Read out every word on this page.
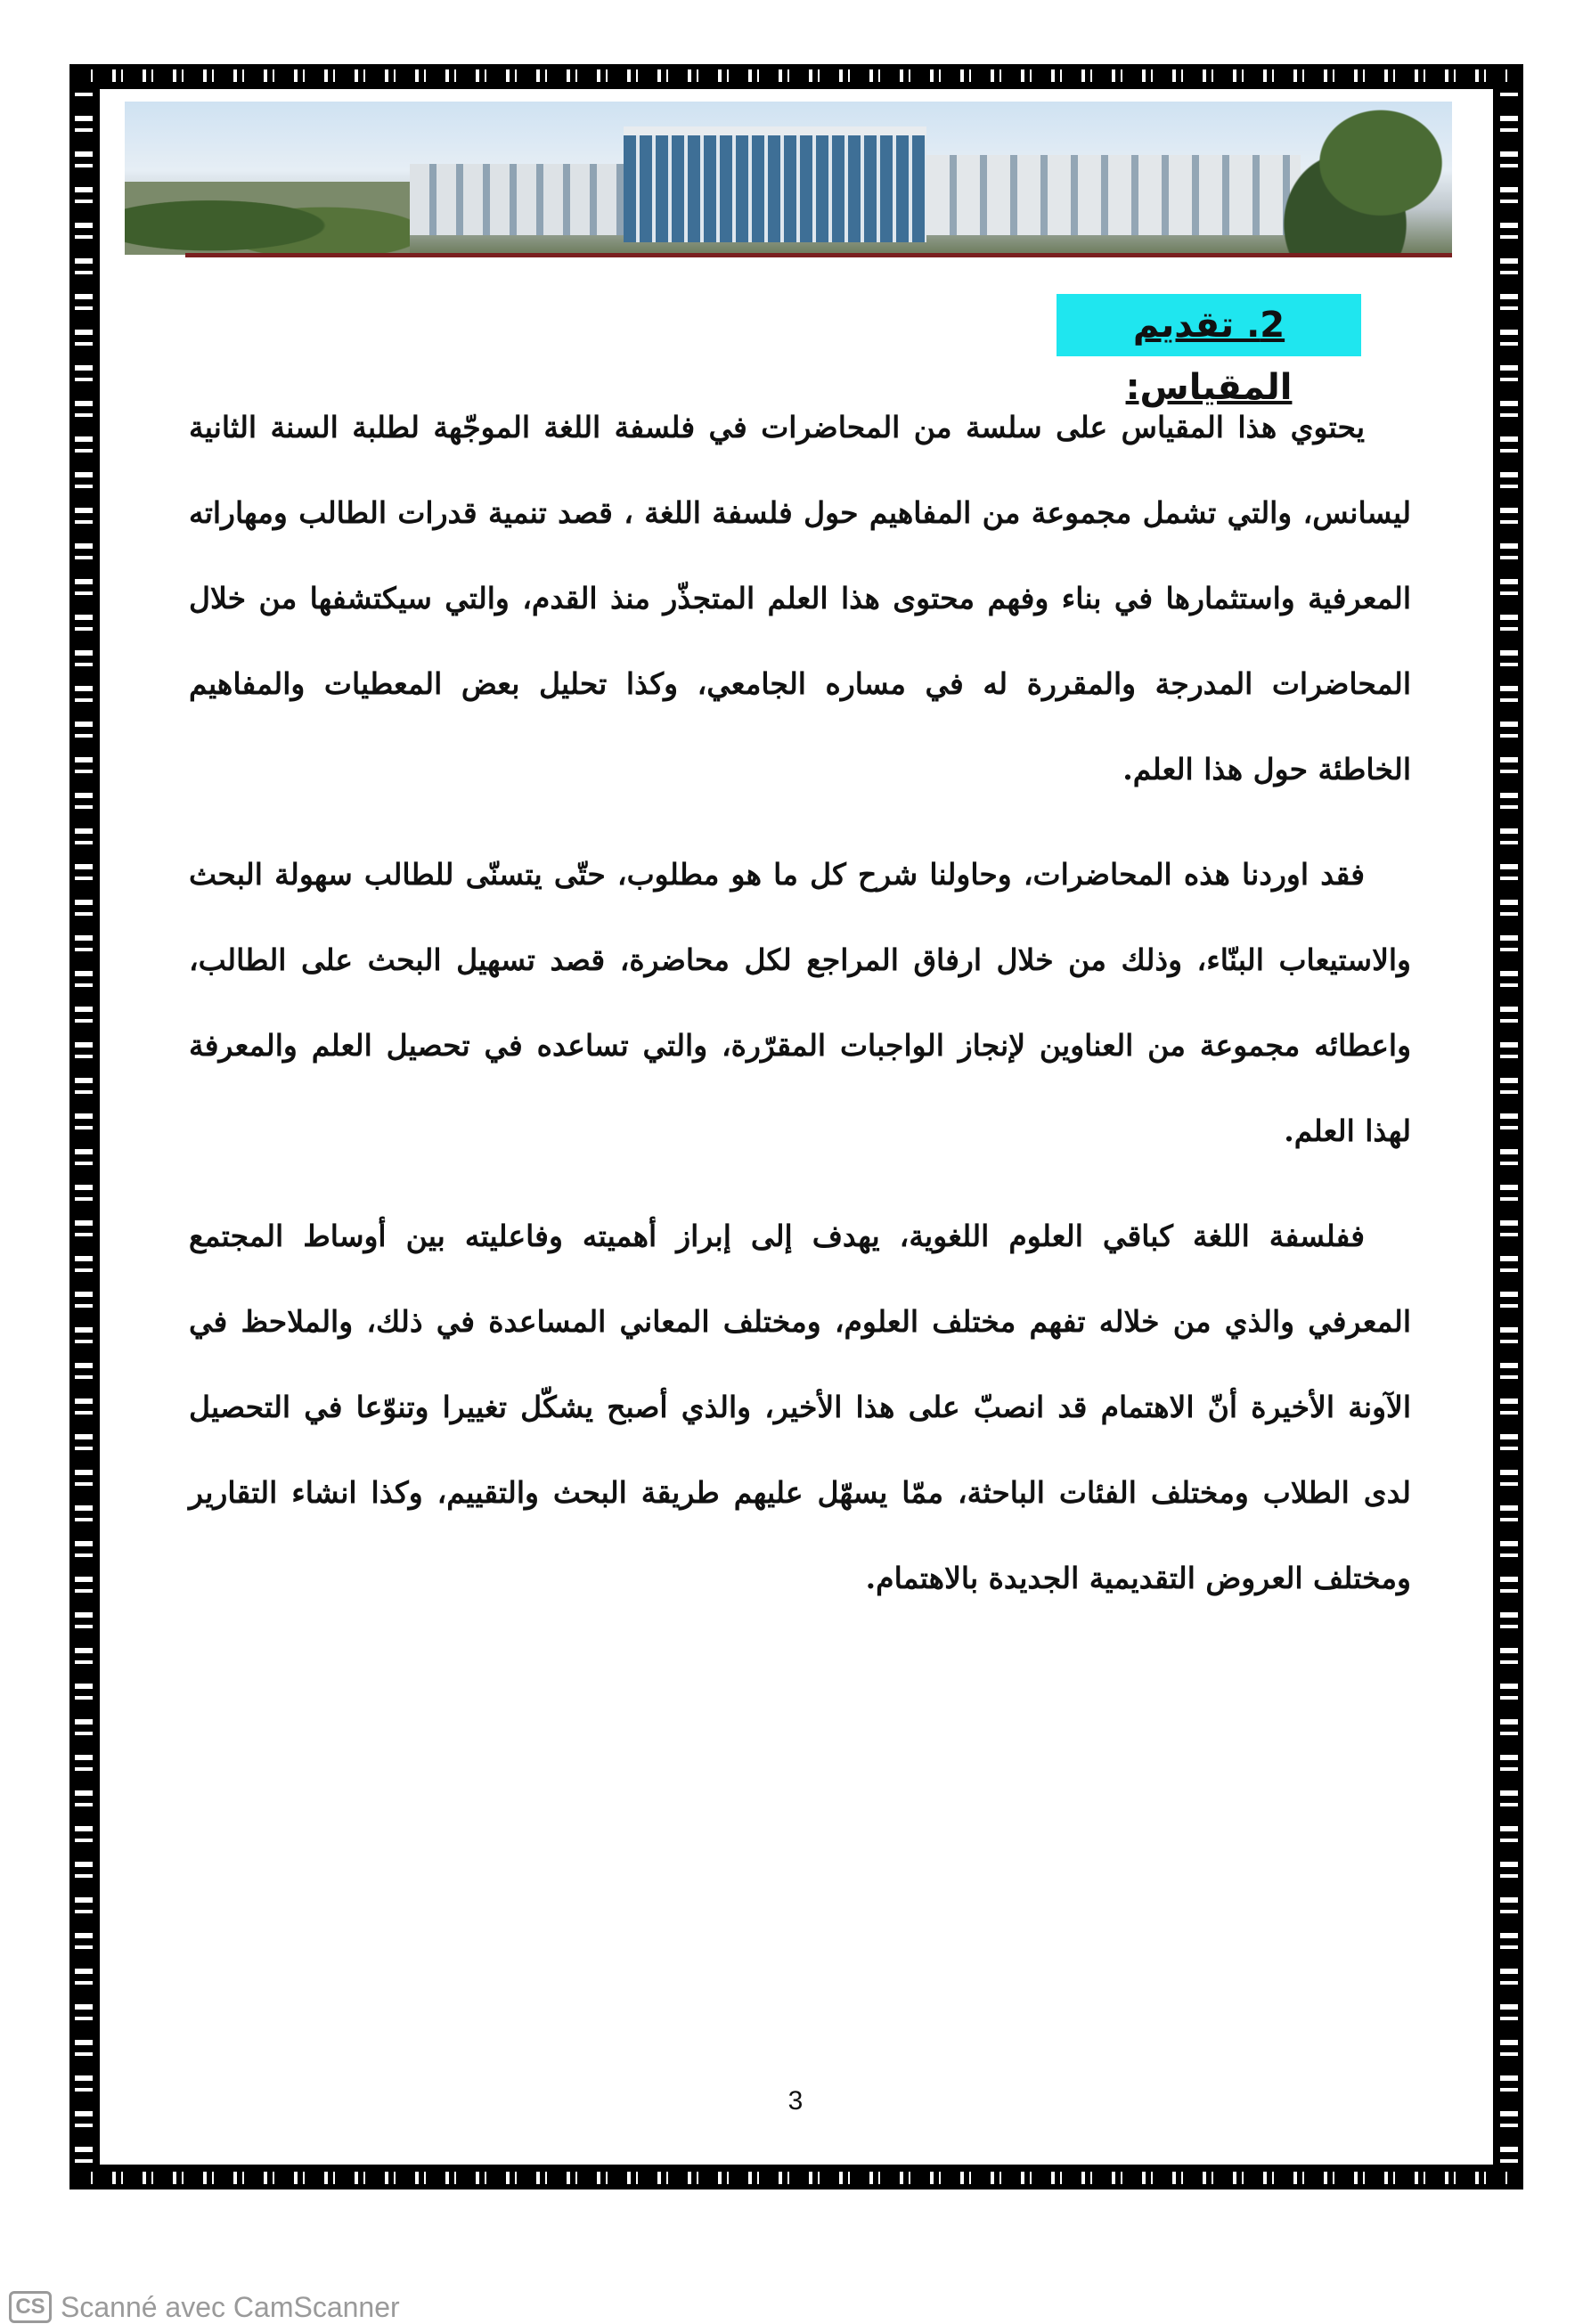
2. تقديم المقياس:

يحتوي هذا المقياس على سلسة من المحاضرات في فلسفة اللغة الموجّهة لطلبة السنة الثانية ليسانس، والتي تشمل مجموعة من المفاهيم حول فلسفة اللغة ، قصد تنمية قدرات الطالب ومهاراته المعرفية واستثمارها في بناء وفهم محتوى هذا العلم المتجذّر منذ القدم، والتي سيكتشفها من خلال المحاضرات المدرجة والمقررة له في مساره الجامعي، وكذا تحليل بعض المعطيات والمفاهيم الخاطئة حول هذا العلم.

فقد اوردنا هذه المحاضرات، وحاولنا شرح كل ما هو مطلوب، حتّى يتسنّى للطالب سهولة البحث والاستيعاب البنّاء، وذلك من خلال ارفاق المراجع لكل محاضرة، قصد تسهيل البحث على الطالب، واعطائه مجموعة من العناوين لإنجاز الواجبات المقرّرة، والتي تساعده في تحصيل العلم والمعرفة لهذا العلم.

ففلسفة اللغة كباقي العلوم اللغوية، يهدف إلى إبراز أهميته وفاعليته بين أوساط المجتمع المعرفي والذي من خلاله تفهم مختلف العلوم، ومختلف المعاني المساعدة في ذلك، والملاحظ في الآونة الأخيرة أنّ الاهتمام قد انصبّ على هذا الأخير، والذي أصبح يشكّل تغييرا وتنوّعا في التحصيل لدى الطلاب ومختلف الفئات الباحثة، ممّا يسهّل عليهم طريقة البحث والتقييم، وكذا انشاء التقارير ومختلف العروض التقديمية الجديدة بالاهتمام.

3
CS Scanné avec CamScanner
